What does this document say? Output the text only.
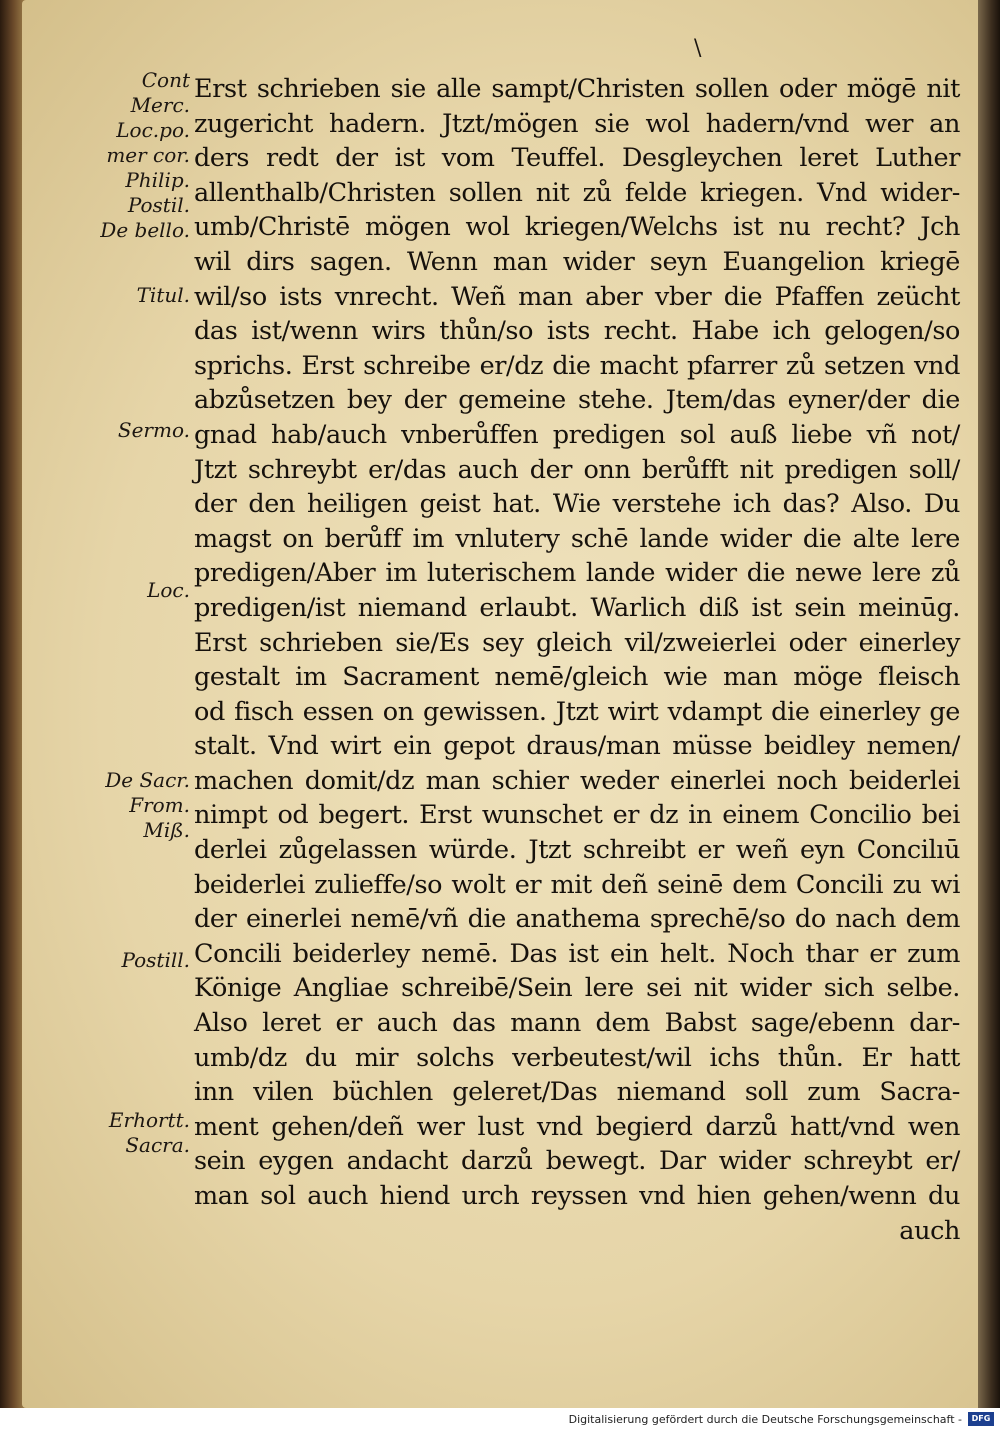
\
Cont
Merc.
Loc.po.
mer cor.
Philip.
Postil.
De bello.
Titul.
Sermo.
Loc.
De Sacr.
From.
Miß.
Postill.
Erhortt.
Sacra.
Erst schrieben sie alle sampt/Christen sollen oder mögē nit
zugericht hadern. Jtzt/mögen sie wol hadern/vnd wer an
ders redt der ist vom Teuffel. Desgleychen leret Luther
allenthalb/Christen sollen nit zů felde kriegen. Vnd wider-
umb/Christē mögen wol kriegen/Welchs ist nu recht? Jch
wil dirs sagen. Wenn man wider seyn Euangelion kriegē
wil/so ists vnrecht. Weñ man aber vber die Pfaffen zeücht
das ist/wenn wirs thůn/so ists recht. Habe ich gelogen/so
sprichs. Erst schreibe er/dz die macht pfarrer zů setzen vnd
abzůsetzen bey der gemeine stehe. Jtem/das eyner/der die
gnad hab/auch vnberůffen predigen sol auß liebe vñ not/
Jtzt schreybt er/das auch der onn berůfft nit predigen soll/
der den heiligen geist hat. Wie verstehe ich das? Also. Du
magst on berůff im vnlutery schē lande wider die alte lere
predigen/Aber im luterischem lande wider die newe lere zů
predigen/ist niemand erlaubt. Warlich diß ist sein meinūg.
Erst schrieben sie/Es sey gleich vil/zweierlei oder einerley
gestalt im Sacrament nemē/gleich wie man möge fleisch
od fisch essen on gewissen. Jtzt wirt vdampt die einerley ge
stalt. Vnd wirt ein gepot draus/man müsse beidley nemen/
machen domit/dz man schier weder einerlei noch beiderlei
nimpt od begert. Erst wunschet er dz in einem Concilio bei
derlei zůgelassen würde. Jtzt schreibt er weñ eyn Concilıū
beiderlei zulieffe/so wolt er mit deñ seinē dem Concili zu wi
der einerlei nemē/vñ die anathema sprechē/so do nach dem
Concili beiderley nemē. Das ist ein helt. Noch thar er zum
Könige Angliae schreibē/Sein lere sei nit wider sich selbe.
Also leret er auch das mann dem Babst sage/ebenn dar-
umb/dz du mir solchs verbeutest/wil ichs thůn. Er hatt
inn vilen büchlen geleret/Das niemand soll zum Sacra-
ment gehen/deñ wer lust vnd begierd darzů hatt/vnd wen
sein eygen andacht darzů bewegt. Dar wider schreybt er/
man sol auch hiend urch reyssen vnd hien gehen/wenn du
auch
Digitalisierung gefördert durch die Deutsche Forschungsgemeinschaft -	DFG
